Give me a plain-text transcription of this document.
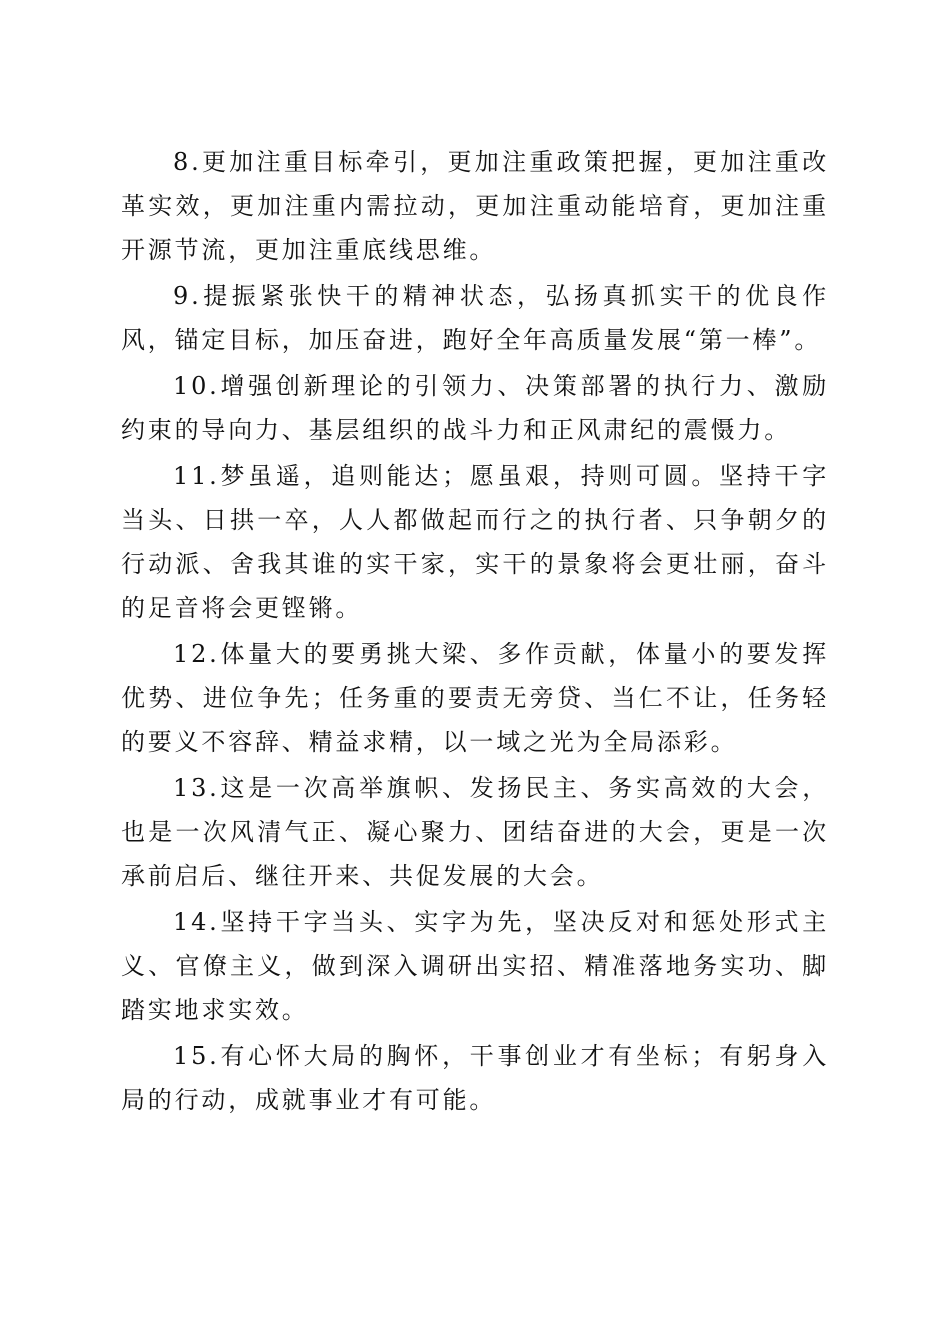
8.更加注重目标牵引，更加注重政策把握，更加注重改革实效，更加注重内需拉动，更加注重动能培育，更加注重开源节流，更加注重底线思维。

9.提振紧张快干的精神状态，弘扬真抓实干的优良作风，锚定目标，加压奋进，跑好全年高质量发展“第一棒”。

10.增强创新理论的引领力、决策部署的执行力、激励约束的导向力、基层组织的战斗力和正风肃纪的震慑力。

11.梦虽遥，追则能达；愿虽艰，持则可圆。坚持干字当头、日拱一卒，人人都做起而行之的执行者、只争朝夕的行动派、舍我其谁的实干家，实干的景象将会更壮丽，奋斗的足音将会更铿锵。

12.体量大的要勇挑大梁、多作贡献，体量小的要发挥优势、进位争先；任务重的要责无旁贷、当仁不让，任务轻的要义不容辞、精益求精，以一域之光为全局添彩。

13.这是一次高举旗帜、发扬民主、务实高效的大会，也是一次风清气正、凝心聚力、团结奋进的大会，更是一次承前启后、继往开来、共促发展的大会。

14.坚持干字当头、实字为先，坚决反对和惩处形式主义、官僚主义，做到深入调研出实招、精准落地务实功、脚踏实地求实效。

15.有心怀大局的胸怀，干事创业才有坐标；有躬身入局的行动，成就事业才有可能。
